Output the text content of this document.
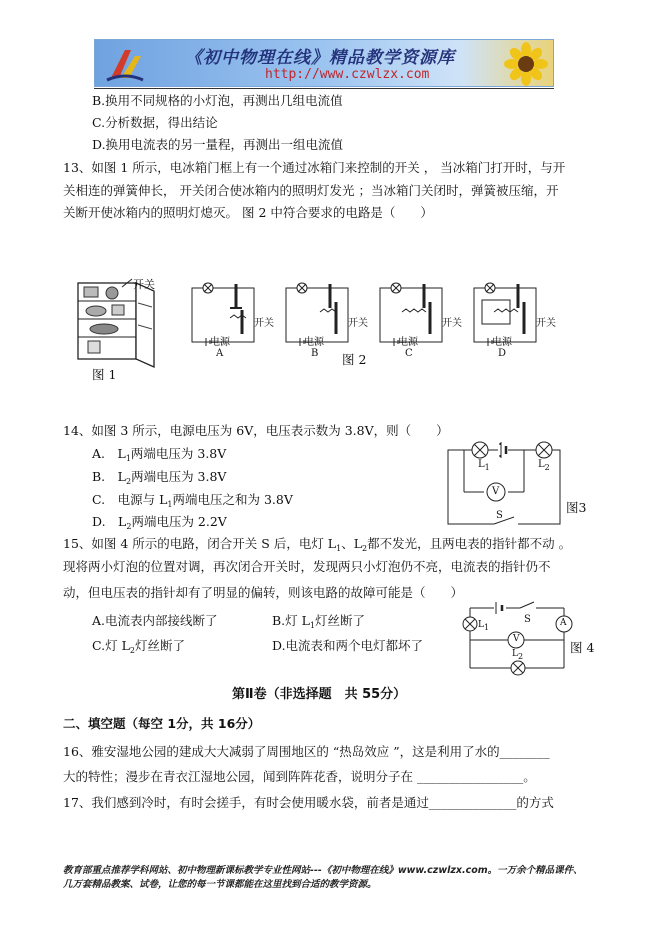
《初中物理在线》精品教学资源库
http://www.czwlzx.com
B.换用不同规格的小灯泡，再测出几组电流值
C.分析数据，得出结论
D.换用电流表的另一量程，再测出一组电流值
13、如图 1 所示，电冰箱门框上有一个通过冰箱门来控制的开关 ， 当冰箱门打开时，与开
关相连的弹簧伸长， 开关闭合使冰箱内的照明灯发光 ；当冰箱门关闭时，弹簧被压缩，开
关断开使冰箱内的照明灯熄灭。 图 2 中符合要求的电路是（　　）
开关
图 1
开关
电源
A
开关
电源
B
开关
电源
C
开关
电源
D
图 2
14、如图 3 所示，电源电压为 6V，电压表示数为 3.8V，则（　　）
A.　$L_1$两端电压为 3.8V
B.　$L_2$两端电压为 3.8V
C.　电源与 $L_1$两端电压之和为 3.8V
D.　$L_2$两端电压为 2.2V
$L_1$	$L_2$
V
S
图3
15、如图 4 所示的电路，闭合开关 S 后，电灯 $L_1$、$L_2$都不发光，且两电表的指针都不动 。
现将两小灯泡的位置对调，再次闭合开关时，发现两只小灯泡仍不亮，电流表的指针仍不
动，但电压表的指针却有了明显的偏转，则该电路的故障可能是（　　）
A.电流表内部接线断了	B.灯 $L_1$灯丝断了
C.灯 $L_2$灯丝断了	D.电流表和两个电灯都坏了
S	A
V
L1
L2
图 4
第Ⅱ卷（非选择题　共 55分）
二、填空题（每空 1分，共 16分）
16、雅安湿地公园的建成大大减弱了周围地区的 “热岛效应 ”，这是利用了水的________
大的特性；漫步在青衣江湿地公园，闻到阵阵花香，说明分子在 _________________。
17、我们感到冷时，有时会搓手，有时会使用暖水袋，前者是通过______________的方式
教育部重点推荐学科网站、初中物理新课标教学专业性网站---《初中物理在线》www.czwlzx.com。一万余个精品课件、
几万套精品教案、试卷，让您的每一节课都能在这里找到合适的教学资源。
